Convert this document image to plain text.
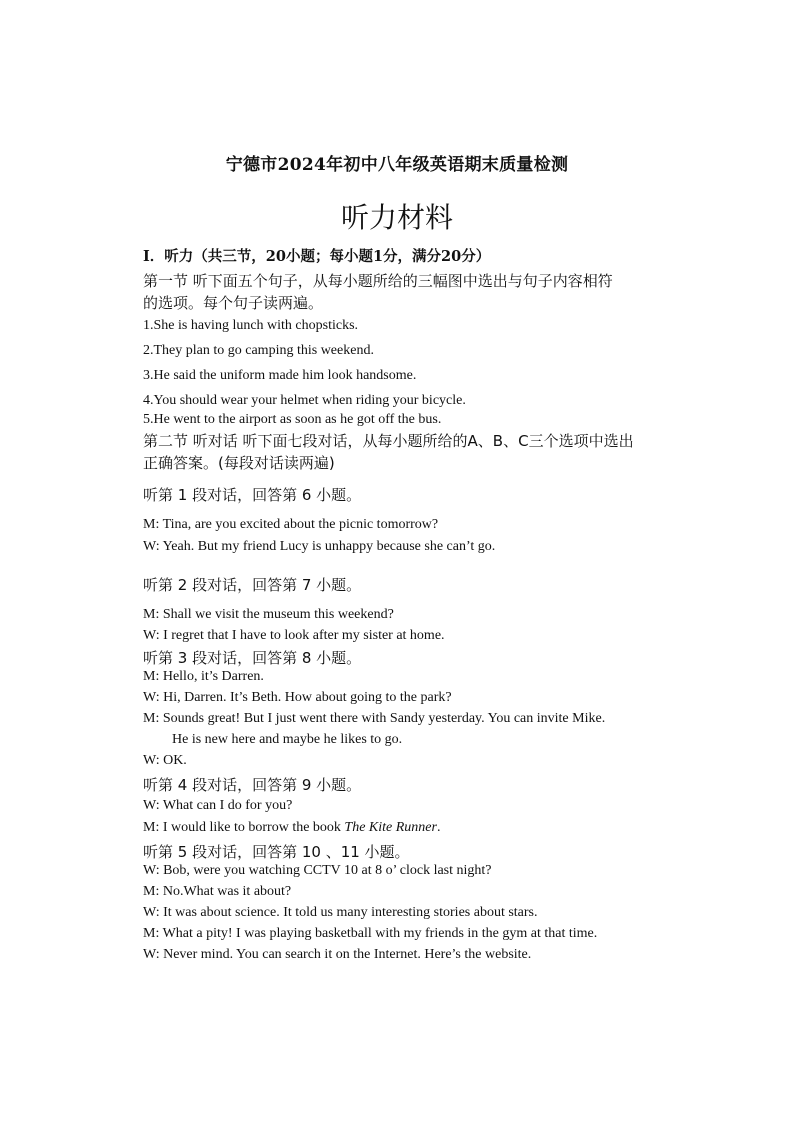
宁德市2024年初中八年级英语期末质量检测
听力材料
I．听力（共三节，20小题；每小题1分，满分20分）
第一节 听下面五个句子，从每小题所给的三幅图中选出与句子内容相符
的选项。每个句子读两遍。
1.She is having lunch with chopsticks.
2.They plan to go camping this weekend.
3.He said the uniform made him look handsome.
4.You should wear your helmet when riding your bicycle.
5.He went to the airport as soon as he got off the bus.
第二节 听对话 听下面七段对话，从每小题所给的A、B、C三个选项中选出
正确答案。(每段对话读两遍)
听第 1 段对话，回答第 6 小题。
M: Tina, are you excited about the picnic tomorrow?
W: Yeah. But my friend Lucy is unhappy because she can’t go.
听第 2 段对话，回答第 7 小题。
M: Shall we visit the museum this weekend?
W: I regret that I have to look after my sister at home.
听第 3 段对话，回答第 8 小题。
M: Hello, it’s Darren.
W: Hi, Darren. It’s Beth. How about going to the park?
M: Sounds great! But I just went there with Sandy yesterday. You can invite Mike.
He is new here and maybe he likes to go.
W: OK.
听第 4 段对话，回答第 9 小题。
W: What can I do for you?
M: I would like to borrow the book The Kite Runner.
听第 5 段对话，回答第 10 、11 小题。
W: Bob, were you watching CCTV 10 at 8 o’ clock last night?
M: No.What was it about?
W: It was about science. It told us many interesting stories about stars.
M: What a pity! I was playing basketball with my friends in the gym at that time.
W: Never mind. You can search it on the Internet. Here’s the website.
